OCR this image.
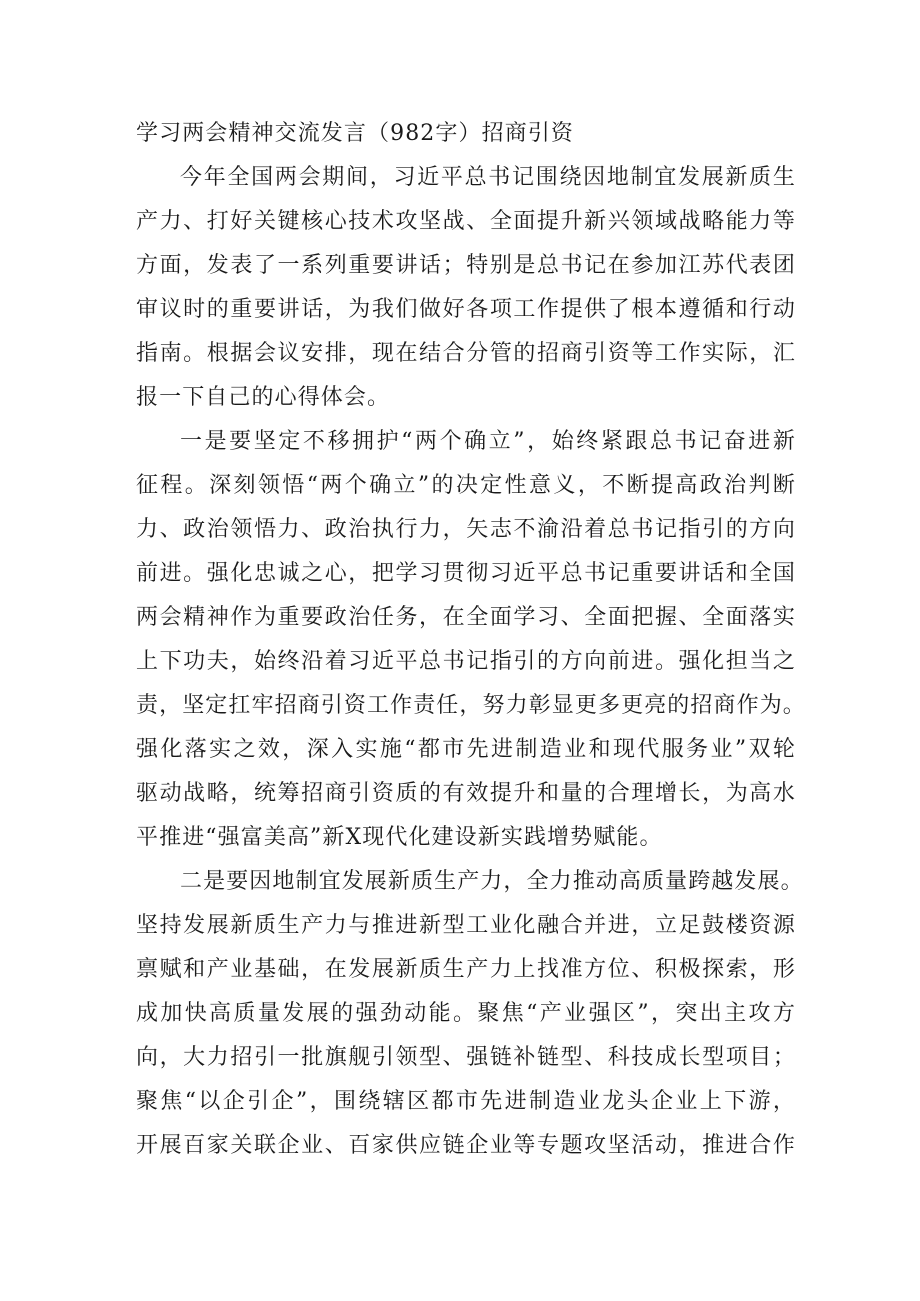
学习两会精神交流发言（982字）招商引资
今年全国两会期间，习近平总书记围绕因地制宜发展新质生
产力、打好关键核心技术攻坚战、全面提升新兴领域战略能力等
方面，发表了一系列重要讲话；特别是总书记在参加江苏代表团
审议时的重要讲话，为我们做好各项工作提供了根本遵循和行动
指南。根据会议安排，现在结合分管的招商引资等工作实际，汇
报一下自己的心得体会。
一是要坚定不移拥护“两个确立”，始终紧跟总书记奋进新
征程。深刻领悟“两个确立”的决定性意义，不断提高政治判断
力、政治领悟力、政治执行力，矢志不渝沿着总书记指引的方向
前进。强化忠诚之心，把学习贯彻习近平总书记重要讲话和全国
两会精神作为重要政治任务，在全面学习、全面把握、全面落实
上下功夫，始终沿着习近平总书记指引的方向前进。强化担当之
责，坚定扛牢招商引资工作责任，努力彰显更多更亮的招商作为。
强化落实之效，深入实施“都市先进制造业和现代服务业”双轮
驱动战略，统筹招商引资质的有效提升和量的合理增长，为高水
平推进“强富美高”新X现代化建设新实践增势赋能。
二是要因地制宜发展新质生产力，全力推动高质量跨越发展。
坚持发展新质生产力与推进新型工业化融合并进，立足鼓楼资源
禀赋和产业基础，在发展新质生产力上找准方位、积极探索，形
成加快高质量发展的强劲动能。聚焦“产业强区”，突出主攻方
向，大力招引一批旗舰引领型、强链补链型、科技成长型项目；
聚焦“以企引企”，围绕辖区都市先进制造业龙头企业上下游，
开展百家关联企业、百家供应链企业等专题攻坚活动，推进合作
